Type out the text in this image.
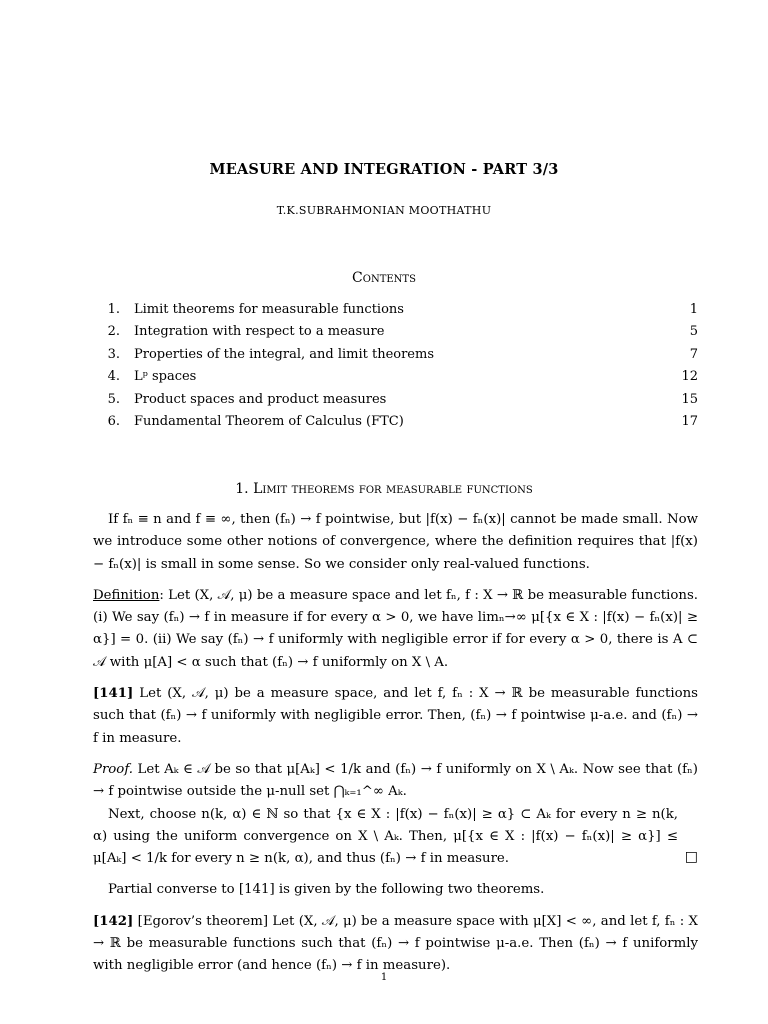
MEASURE AND INTEGRATION - PART 3/3
T.K.SUBRAHMONIAN MOOTHATHU
Contents
1. Limit theorems for measurable functions	1
2. Integration with respect to a measure	5
3. Properties of the integral, and limit theorems	7
4. Lᵖ spaces	12
5. Product spaces and product measures	15
6. Fundamental Theorem of Calculus (FTC)	17
1. Limit theorems for measurable functions

If fₙ ≡ n and f ≡ ∞, then (fₙ) → f pointwise, but |f(x) − fₙ(x)| cannot be made small. Now we introduce some other notions of convergence, where the definition requires that |f(x) − fₙ(x)| is small in some sense. So we consider only real-valued functions.

Definition: Let (X, 𝒜, μ) be a measure space and let fₙ, f : X → ℝ be measurable functions. (i) We say (fₙ) → f in measure if for every α > 0, we have limₙ→∞ μ[{x ∈ X : |f(x) − fₙ(x)| ≥ α}] = 0. (ii) We say (fₙ) → f uniformly with negligible error if for every α > 0, there is A ⊂ 𝒜 with μ[A] < α such that (fₙ) → f uniformly on X \ A.

[141] Let (X, 𝒜, μ) be a measure space, and let f, fₙ : X → ℝ be measurable functions such that (fₙ) → f uniformly with negligible error. Then, (fₙ) → f pointwise μ-a.e. and (fₙ) → f in measure.

Proof. Let Aₖ ∈ 𝒜 be so that μ[Aₖ] < 1/k and (fₙ) → f uniformly on X \ Aₖ. Now see that (fₙ) → f pointwise outside the μ-null set ⋂ₖ₌₁^∞ Aₖ.

Next, choose n(k, α) ∈ ℕ so that {x ∈ X : |f(x) − fₙ(x)| ≥ α} ⊂ Aₖ for every n ≥ n(k, α) using the uniform convergence on X \ Aₖ. Then, μ[{x ∈ X : |f(x) − fₙ(x)| ≥ α}] ≤ μ[Aₖ] < 1/k for every n ≥ n(k, α), and thus (fₙ) → f in measure.	□

Partial converse to [141] is given by the following two theorems.

[142] [Egorov’s theorem] Let (X, 𝒜, μ) be a measure space with μ[X] < ∞, and let f, fₙ : X → ℝ be measurable functions such that (fₙ) → f pointwise μ-a.e. Then (fₙ) → f uniformly with negligible error (and hence (fₙ) → f in measure).

1
